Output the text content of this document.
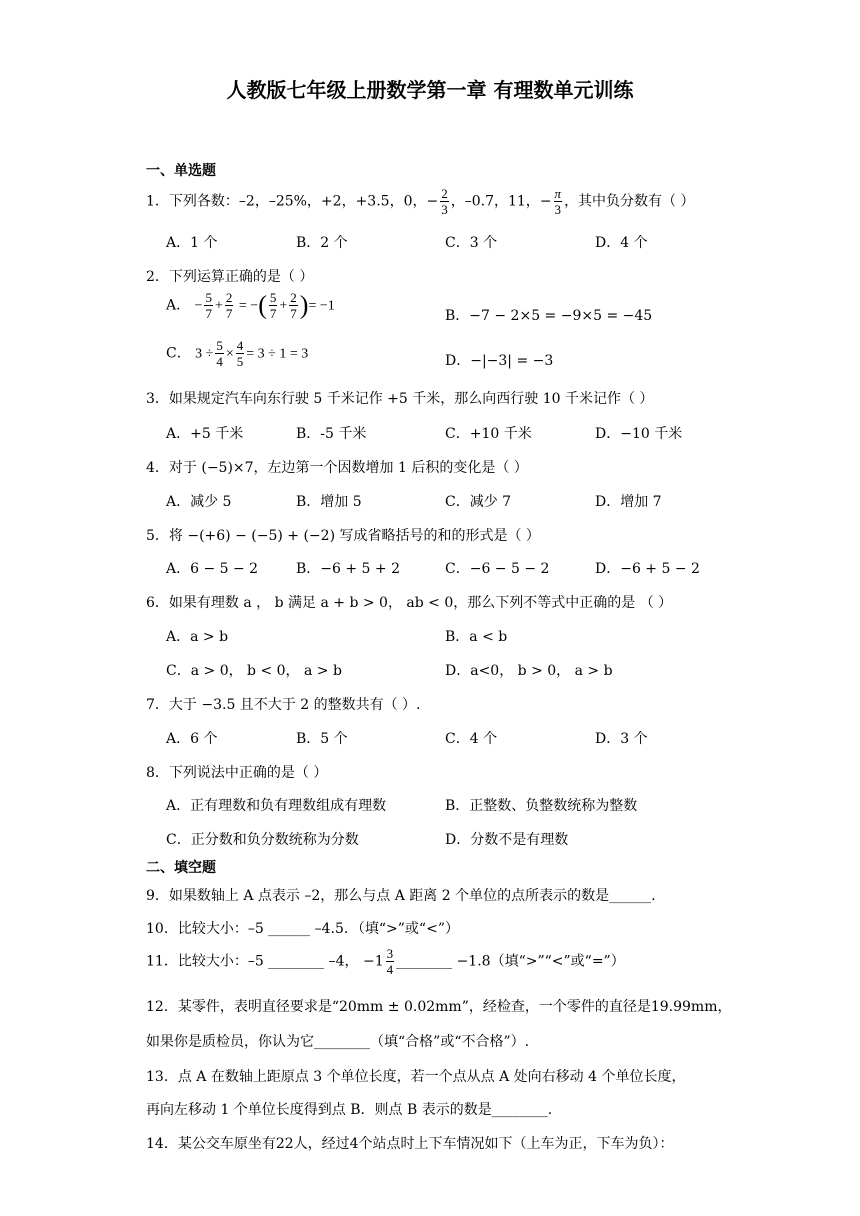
人教版七年级上册数学第一章 有理数单元训练
一、单选题
1．下列各数：–2，–25%，+2，+3.5，0，− $\frac{2}{3}$ ，–0.7，11，− $\frac{\pi}{3}$ ，其中负分数有（ ）
A．1 个	B．2 个	C．3 个	D．4 个
2．下列运算正确的是（ ）
A． − $\frac{5}{7} + \frac{2}{7}$ = −( $\frac{5}{7} + \frac{2}{7}$ )= −1
B．−7 − 2×5 = −9×5 = −45
C． $3 \div \frac{5}{4} \times \frac{4}{5} = 3 \div 1 = 3$	D．−|−3| = −3
3．如果规定汽车向东行驶 5 千米记作 +5 千米，那么向西行驶 10 千米记作（ ）
A．+5 千米	B．-5 千米	C．+10 千米	D．−10 千米
4．对于 (−5)×7，左边第一个因数增加 1 后积的变化是（ ）
A．减少 5	B．增加 5	C．减少 7	D．增加 7
5．将 −(+6) − (−5) + (−2) 写成省略括号的和的形式是（ ）
A．6 − 5 − 2	B．−6 + 5 + 2	C．−6 − 5 − 2	D．−6 + 5 − 2
6．如果有理数 a ， b 满足 a + b > 0， ab < 0，那么下列不等式中正确的是 （ ）
A．a > b	B．a < b
C．a > 0， b < 0， a > b	D．a<0， b > 0， a > b
7．大于 −3.5 且不大于 2 的整数共有（ ）.
A．6 个	B．5 个	C．4 个	D．3 个
8．下列说法中正确的是（ ）
A．正有理数和负有理数组成有理数	B．正整数、负整数统称为整数
C．正分数和负分数统称为分数	D．分数不是有理数
二、填空题
9．如果数轴上 A 点表示 –2，那么与点 A 距离 2 个单位的点所表示的数是______.
10．比较大小：–5 ______ –4.5．（填“>”或“<”）
11．比较大小：–5 ________ –4， $-1 \frac{3}{4}$ ________ −1.8（填“>”“<”或“=”）
12．某零件，表明直径要求是“20mm ± 0.02mm”，经检查，一个零件的直径是19.99mm，
如果你是质检员，你认为它________（填“合格”或“不合格”）.
13．点 A 在数轴上距原点 3 个单位长度，若一个点从点 A 处向右移动 4 个单位长度，
再向左移动 1 个单位长度得到点 B．则点 B 表示的数是________.
14．某公交车原坐有22人，经过4个站点时上下车情况如下（上车为正，下车为负）：
